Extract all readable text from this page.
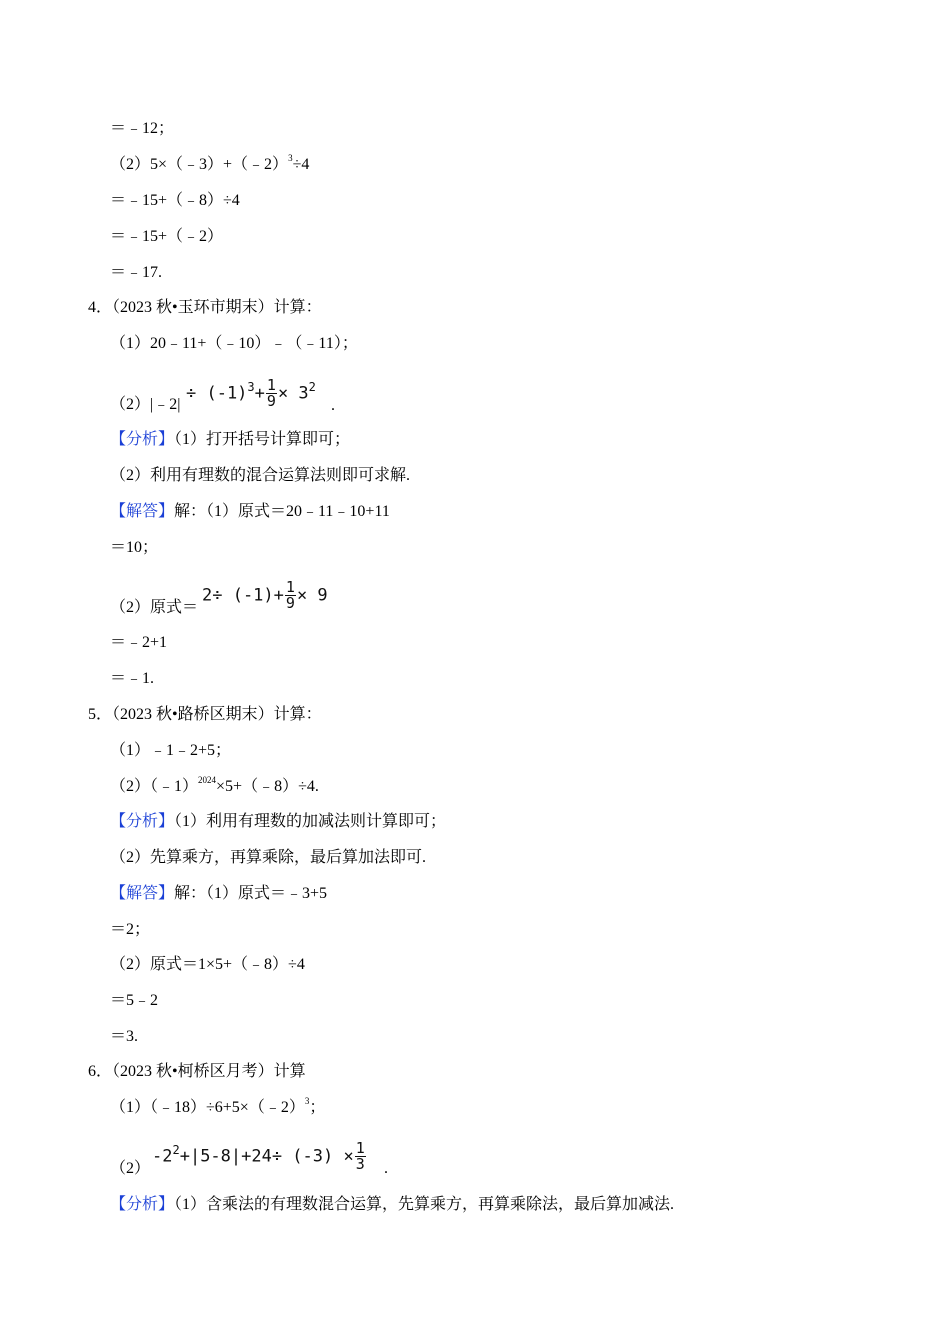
＝﹣12；
（2）5×（﹣3）+（﹣2）$^3$÷4
＝﹣15+（﹣8）÷4
＝﹣15+（﹣2）
＝﹣17.
4．（2023 秋•玉环市期末）计算：
（1）20﹣11+（﹣10）﹣（﹣11）；
（2）|﹣2|
÷ $(-1)^3+ \frac{1}{9} \times 3^2$
.
【分析】（1）打开括号计算即可；
（2）利用有理数的混合运算法则即可求解.
【解答】解：（1）原式＝20﹣11﹣10+11
＝10；
（2）原式＝
$2\div (-1)+ \frac{1}{9} \times 9$
＝﹣2+1
＝﹣1.
5．（2023 秋•路桥区期末）计算：
（1）﹣1﹣2+5；
（2）（﹣1）$^{2024}$×5+（﹣8）÷4.
【分析】（1）利用有理数的加减法则计算即可；
（2）先算乘方，再算乘除，最后算加法即可.
【解答】解：（1）原式＝﹣3+5
＝2；
（2）原式＝1×5+（﹣8）÷4
＝5﹣2
＝3.
6．（2023 秋•柯桥区月考）计算
（1）（﹣18）÷6+5×（﹣2）$^3$；
（2）
$-2^2+|5-8|+24\div (-3) \times \frac{1}{3}$ .
【分析】（1）含乘法的有理数混合运算，先算乘方，再算乘除法，最后算加减法.
